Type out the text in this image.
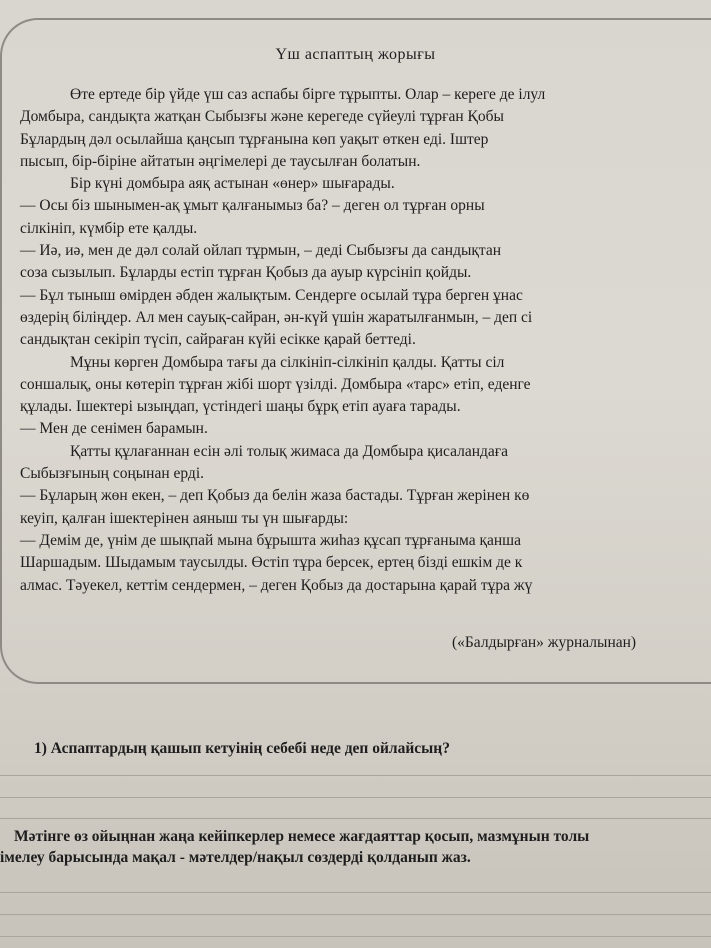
Үш аспаптың жорығы
Өте ертеде бір үйде үш саз аспабы бірге тұрыпты. Олар – кереге де ілул
Домбыра, сандықта жатқан Сыбызғы және керегеде сүйеулі тұрған Қобы
Бұлардың дәл осылайша қаңсып тұрғанына көп уақыт өткен еді. Іштер
пысып, бір-біріне айтатын әңгімелері де таусылған болатын.
Бір күні домбыра аяқ астынан «өнер» шығарады.
— Осы біз шынымен-ақ ұмыт қалғанымыз ба? – деген ол тұрған орны
сілкініп, күмбір ете қалды.
— Иә, иә, мен де дәл солай ойлап тұрмын, – деді Сыбызғы да сандықтан
соза сызылып. Бұларды естіп тұрған Қобыз да ауыр күрсініп қойды.
— Бұл тыныш өмірден әбден жалықтым. Сендерге осылай тұра берген ұнас
өздерің біліңдер. Ал мен сауық-сайран, ән-күй үшін жаратылғанмын, – деп сі
сандықтан секіріп түсіп, сайраған күйі есікке қарай беттеді.
Мұны көрген Домбыра тағы да сілкініп-сілкініп қалды. Қатты сіл
соншалық, оны көтеріп тұрған жібі шорт үзілді. Домбыра «тарс» етіп, еденге
құлады. Ішектері ызыңдап, үстіндегі шаңы бұрқ етіп ауаға тарады.
— Мен де сенімен барамын.
Қатты құлағаннан есін әлі толық жимаса да Домбыра қисаландаға
Сыбызғының соңынан ерді.
— Бұларың жөн екен, – деп Қобыз да белін жаза бастады. Тұрған жерінен кө
кеуіп, қалған ішектерінен аяныш ты үн шығарды:
— Демім де, үнім де шықпай мына бұрышта жиһаз құсап тұрғаныма қанша
Шаршадым. Шыдамым таусылды. Өстіп тұра берсек, ертең бізді ешкім де к
алмас. Тәуекел, кеттім сендермен, – деген Қобыз да достарына қарай тұра жү
(«Балдырған» журналынан)
1) Аспаптардың қашып кетуінің себебі неде деп ойлайсың?
Мәтінге өз ойыңнан жаңа кейіпкерлер немесе жағдаяттар қосып, мазмұнын толы
імелеу барысында мақал - мәтелдер/нақыл сөздерді қолданып жаз.
